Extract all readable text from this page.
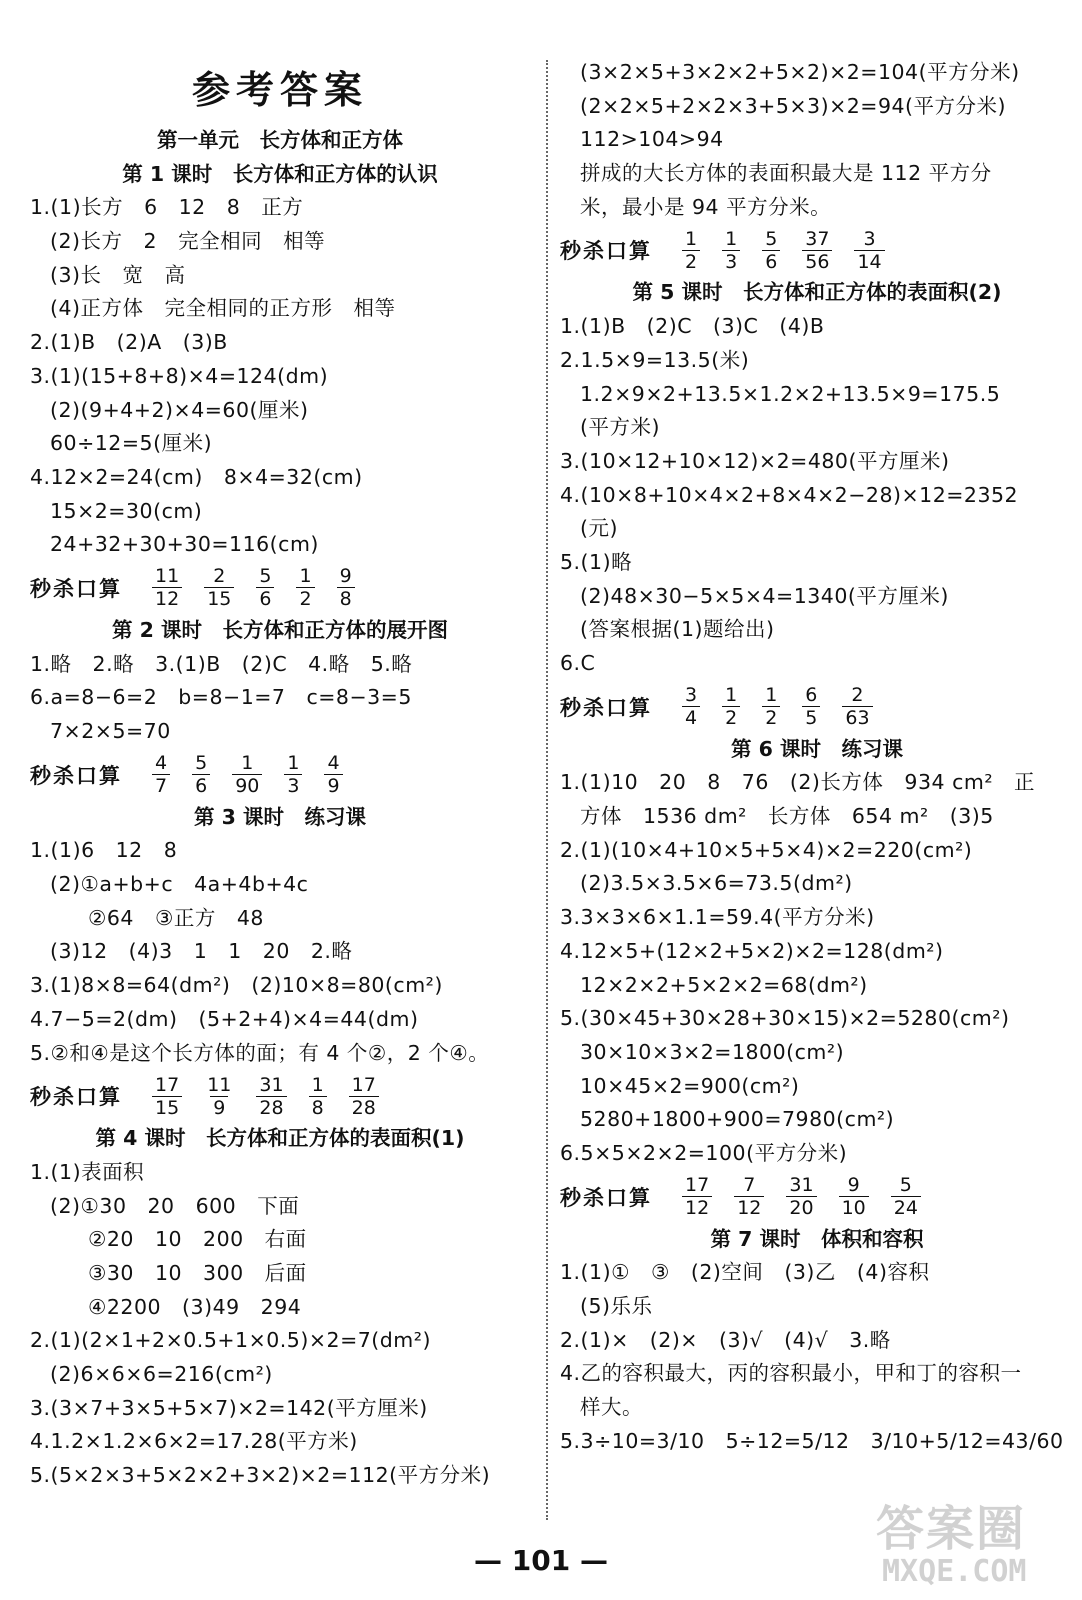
参考答案
第一单元　长方体和正方体
第 1 课时　长方体和正方体的认识
1.(1)长方　6　12　8　正方
(2)长方　2　完全相同　相等
(3)长　宽　高
(4)正方体　完全相同的正方形　相等
2.(1)B　(2)A　(3)B
3.(1)(15+8+8)×4=124(dm)
(2)(9+4+2)×4=60(厘米)
60÷12=5(厘米)
4.12×2=24(cm)　8×4=32(cm)
15×2=30(cm)
24+32+30+30=116(cm)
秒杀口算	$\frac{11}{12} \frac{2}{15} \frac{5}{6} \frac{1}{2} \frac{9}{8}$
第 2 课时　长方体和正方体的展开图
1.略　2.略　3.(1)B　(2)C　4.略　5.略
6.a=8−6=2　b=8−1=7　c=8−3=5
7×2×5=70
秒杀口算	$\frac{4}{7} \frac{5}{6} \frac{1}{90} \frac{1}{3} \frac{4}{9}$
第 3 课时　练习课
1.(1)6　12　8
(2)①a+b+c　4a+4b+4c
②64　③正方　48
(3)12　(4)3　1　1　20　2.略
3.(1)8×8=64(dm²)　(2)10×8=80(cm²)
4.7−5=2(dm)　(5+2+4)×4=44(dm)
5.②和④是这个长方体的面；有 4 个②，2 个④。
秒杀口算	$\frac{17}{15} \frac{11}{9} \frac{31}{28} \frac{1}{8} \frac{17}{28}$
第 4 课时　长方体和正方体的表面积(1)
1.(1)表面积
(2)①30　20　600　下面
②20　10　200　右面
③30　10　300　后面
④2200　(3)49　294
2.(1)(2×1+2×0.5+1×0.5)×2=7(dm²)
(2)6×6×6=216(cm²)
3.(3×7+3×5+5×7)×2=142(平方厘米)
4.1.2×1.2×6×2=17.28(平方米)
5.(5×2×3+5×2×2+3×2)×2=112(平方分米)
(3×2×5+3×2×2+5×2)×2=104(平方分米)
(2×2×5+2×2×3+5×3)×2=94(平方分米)
112>104>94
拼成的大长方体的表面积最大是 112 平方分
米，最小是 94 平方分米。
秒杀口算	$\frac{1}{2} \frac{1}{3} \frac{5}{6} \frac{37}{56} \frac{3}{14}$
第 5 课时　长方体和正方体的表面积(2)
1.(1)B　(2)C　(3)C　(4)B
2.1.5×9=13.5(米)
1.2×9×2+13.5×1.2×2+13.5×9=175.5
(平方米)
3.(10×12+10×12)×2=480(平方厘米)
4.(10×8+10×4×2+8×4×2−28)×12=2352
(元)
5.(1)略
(2)48×30−5×5×4=1340(平方厘米)
(答案根据(1)题给出)
6.C
秒杀口算	$\frac{3}{4} \frac{1}{2} \frac{1}{2} \frac{6}{5} \frac{2}{63}$
第 6 课时　练习课
1.(1)10　20　8　76　(2)长方体　934 cm²　正
方体　1536 dm²　长方体　654 m²　(3)5
2.(1)(10×4+10×5+5×4)×2=220(cm²)
(2)3.5×3.5×6=73.5(dm²)
3.3×3×6×1.1=59.4(平方分米)
4.12×5+(12×2+5×2)×2=128(dm²)
12×2×2+5×2×2=68(dm²)
5.(30×45+30×28+30×15)×2=5280(cm²)
30×10×3×2=1800(cm²)
10×45×2=900(cm²)
5280+1800+900=7980(cm²)
6.5×5×2×2=100(平方分米)
秒杀口算	$\frac{17}{12} \frac{7}{12} \frac{31}{20} \frac{9}{10} \frac{5}{24}$
第 7 课时　体积和容积
1.(1)①　③　(2)空间　(3)乙　(4)容积
(5)乐乐
2.(1)×　(2)×　(3)√　(4)√　3.略
4.乙的容积最大，丙的容积最小，甲和丁的容积一
样大。
5.3÷10=3/10　5÷12=5/12　3/10+5/12=43/60
— 101 —
答案圈
MXQE.COM
